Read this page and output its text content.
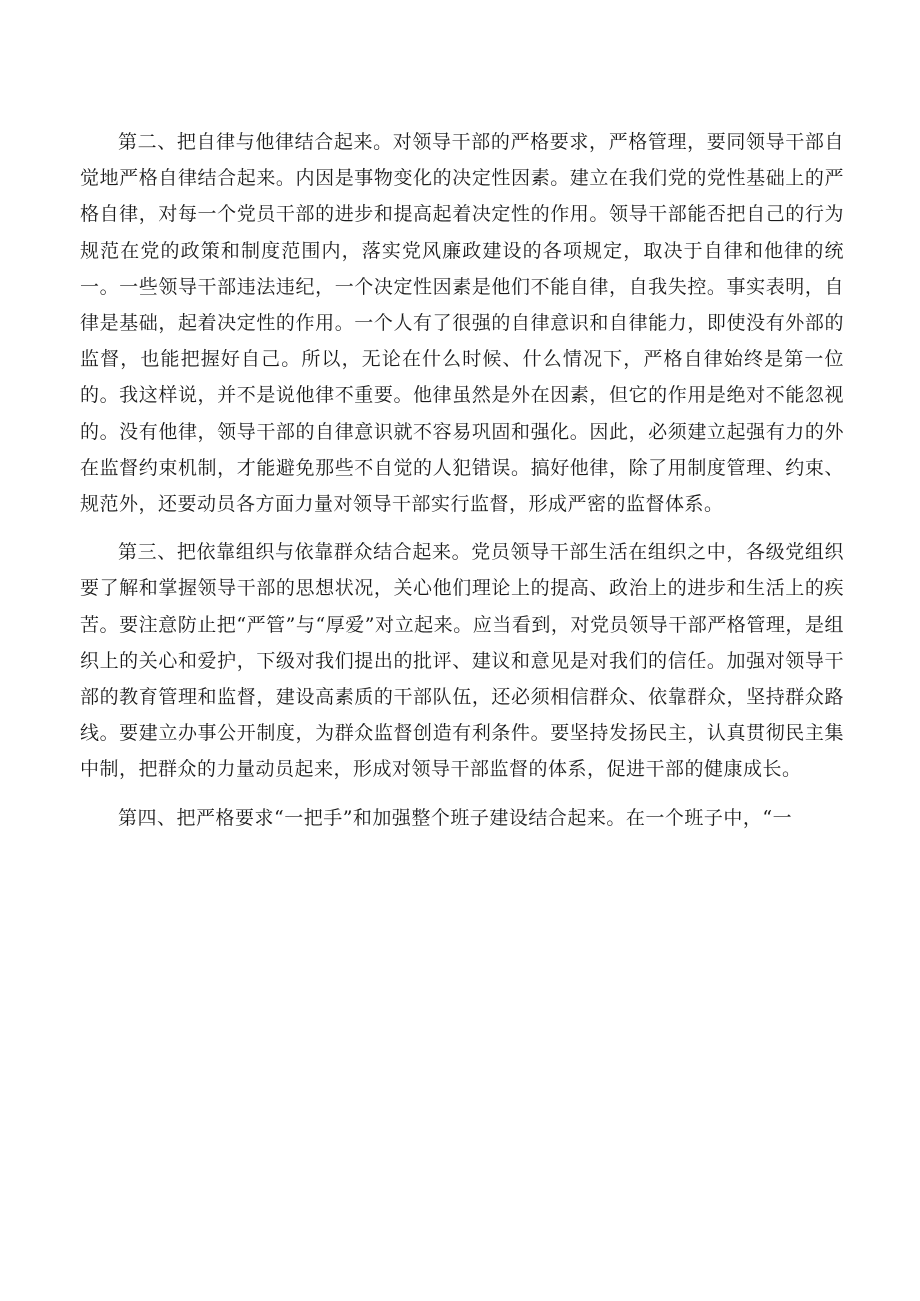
第二、把自律与他律结合起来。对领导干部的严格要求，严格管理，要同领导干部自觉地严格自律结合起来。内因是事物变化的决定性因素。建立在我们党的党性基础上的严格自律，对每一个党员干部的进步和提高起着决定性的作用。领导干部能否把自己的行为规范在党的政策和制度范围内，落实党风廉政建设的各项规定，取决于自律和他律的统一。一些领导干部违法违纪，一个决定性因素是他们不能自律，自我失控。事实表明，自律是基础，起着决定性的作用。一个人有了很强的自律意识和自律能力，即使没有外部的监督，也能把握好自己。所以，无论在什么时候、什么情况下，严格自律始终是第一位的。我这样说，并不是说他律不重要。他律虽然是外在因素，但它的作用是绝对不能忽视的。没有他律，领导干部的自律意识就不容易巩固和强化。因此，必须建立起强有力的外在监督约束机制，才能避免那些不自觉的人犯错误。搞好他律，除了用制度管理、约束、规范外，还要动员各方面力量对领导干部实行监督，形成严密的监督体系。

第三、把依靠组织与依靠群众结合起来。党员领导干部生活在组织之中，各级党组织要了解和掌握领导干部的思想状况，关心他们理论上的提高、政治上的进步和生活上的疾苦。要注意防止把“严管”与“厚爱”对立起来。应当看到，对党员领导干部严格管理，是组织上的关心和爱护，下级对我们提出的批评、建议和意见是对我们的信任。加强对领导干部的教育管理和监督，建设高素质的干部队伍，还必须相信群众、依靠群众，坚持群众路线。要建立办事公开制度，为群众监督创造有利条件。要坚持发扬民主，认真贯彻民主集中制，把群众的力量动员起来，形成对领导干部监督的体系，促进干部的健康成长。

第四、把严格要求“一把手”和加强整个班子建设结合起来。在一个班子中，“一
